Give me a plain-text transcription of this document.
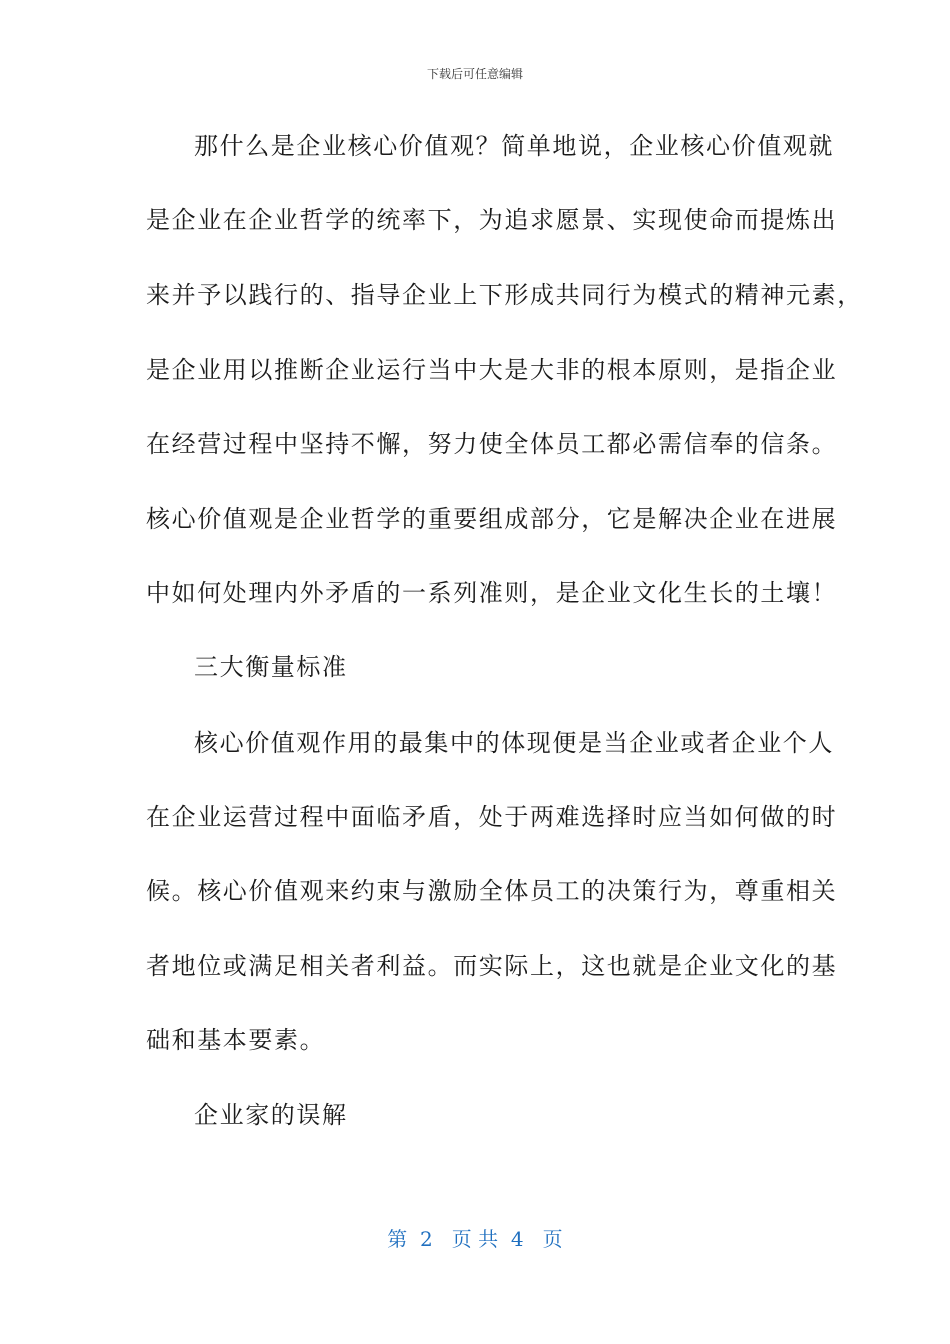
下载后可任意编辑
那什么是企业核心价值观？简单地说，企业核心价值观就
是企业在企业哲学的统率下，为追求愿景、实现使命而提炼出
来并予以践行的、指导企业上下形成共同行为模式的精神元素，
是企业用以推断企业运行当中大是大非的根本原则，是指企业
在经营过程中坚持不懈，努力使全体员工都必需信奉的信条。
核心价值观是企业哲学的重要组成部分，它是解决企业在进展
中如何处理内外矛盾的一系列准则，是企业文化生长的土壤！
三大衡量标准
核心价值观作用的最集中的体现便是当企业或者企业个人
在企业运营过程中面临矛盾，处于两难选择时应当如何做的时
候。核心价值观来约束与激励全体员工的决策行为，尊重相关
者地位或满足相关者利益。而实际上，这也就是企业文化的基
础和基本要素。
企业家的误解
第  2   页 共  4   页
